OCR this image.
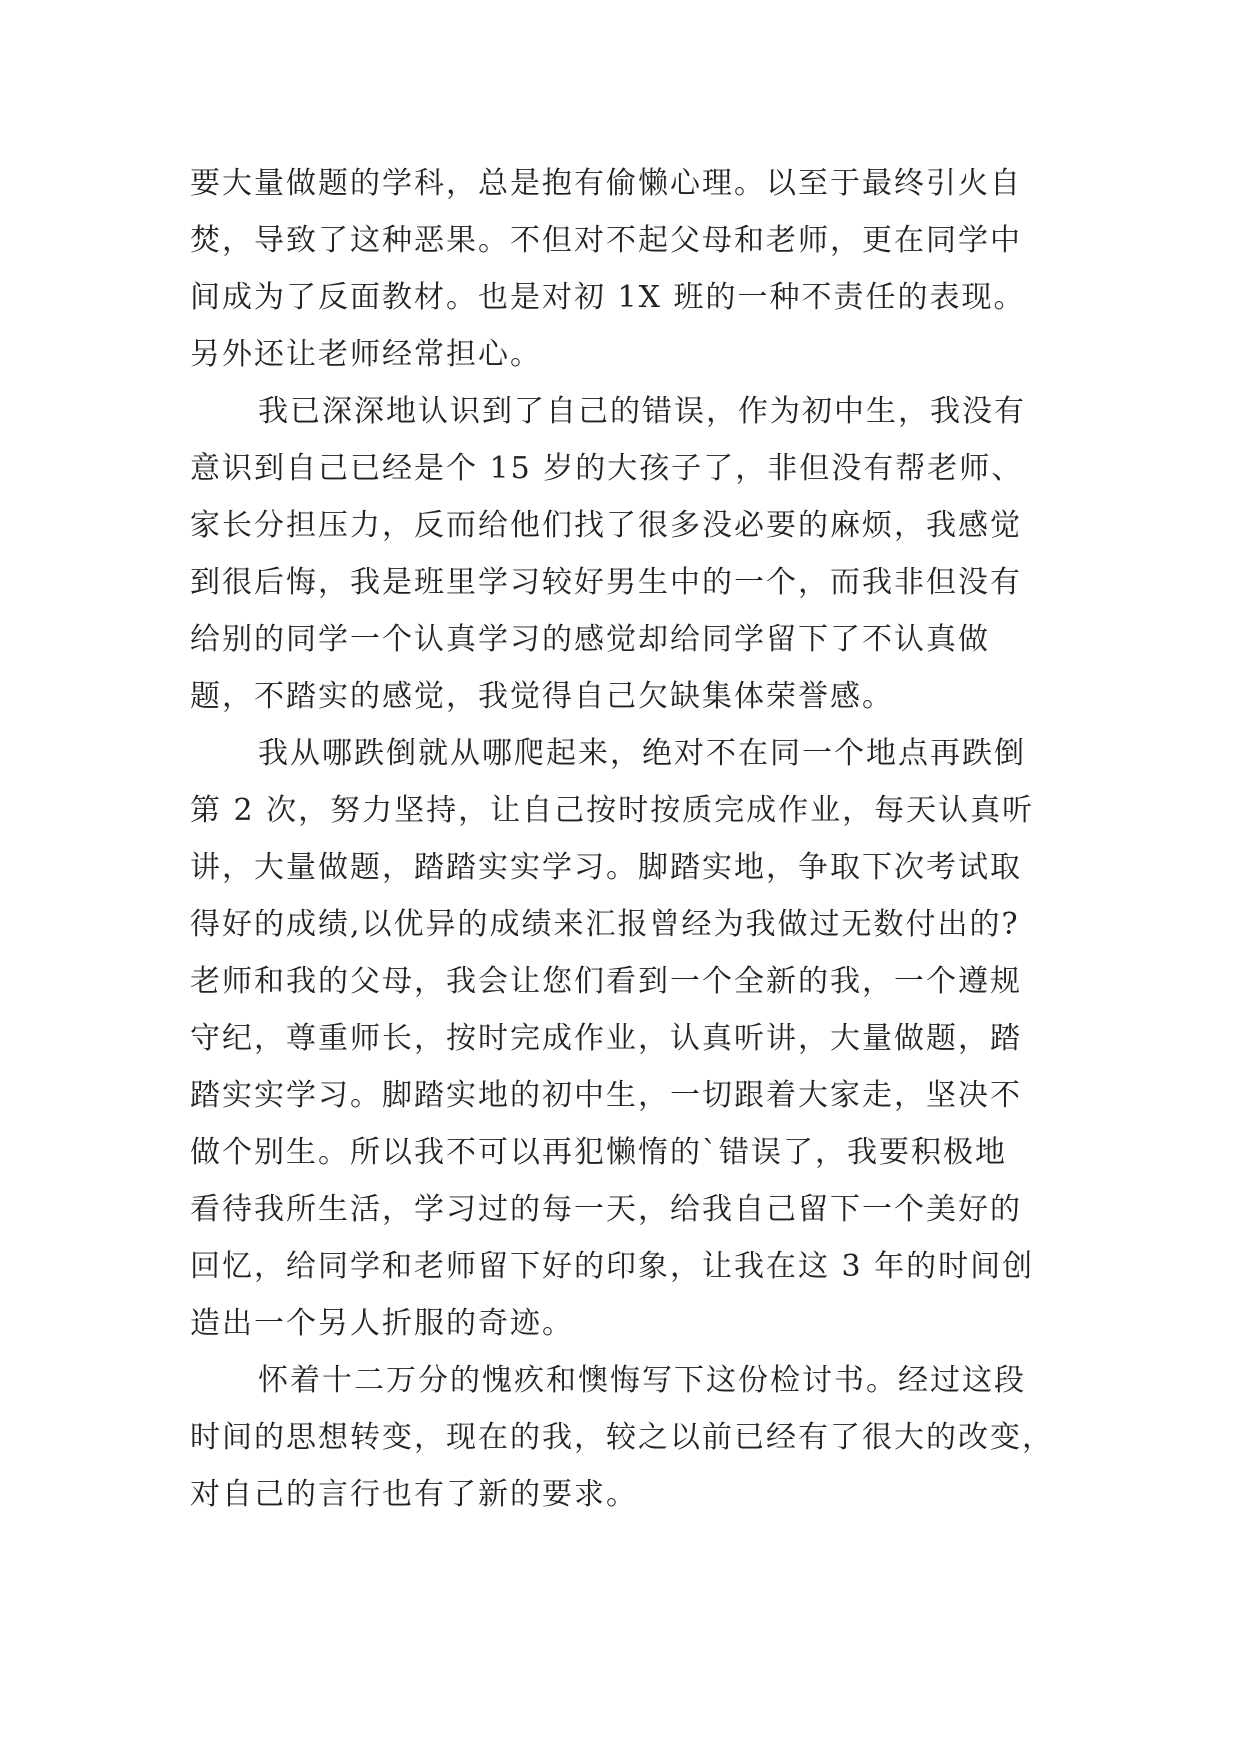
要大量做题的学科，总是抱有偷懒心理。以至于最终引火自
焚，导致了这种恶果。不但对不起父母和老师，更在同学中
间成为了反面教材。也是对初 1X 班的一种不责任的表现。
另外还让老师经常担心。

我已深深地认识到了自己的错误，作为初中生，我没有
意识到自己已经是个 15 岁的大孩子了，非但没有帮老师、
家长分担压力，反而给他们找了很多没必要的麻烦，我感觉
到很后悔，我是班里学习较好男生中的一个，而我非但没有
给别的同学一个认真学习的感觉却给同学留下了不认真做
题，不踏实的感觉，我觉得自己欠缺集体荣誉感。

我从哪跌倒就从哪爬起来，绝对不在同一个地点再跌倒
第 2 次，努力坚持，让自己按时按质完成作业，每天认真听
讲，大量做题，踏踏实实学习。脚踏实地，争取下次考试取
得好的成绩,以优异的成绩来汇报曾经为我做过无数付出的?
老师和我的父母，我会让您们看到一个全新的我，一个遵规
守纪，尊重师长，按时完成作业，认真听讲，大量做题，踏
踏实实学习。脚踏实地的初中生，一切跟着大家走，坚决不
做个别生。所以我不可以再犯懒惰的`错误了，我要积极地
看待我所生活，学习过的每一天，给我自己留下一个美好的
回忆，给同学和老师留下好的印象，让我在这 3 年的时间创
造出一个另人折服的奇迹。

怀着十二万分的愧疚和懊悔写下这份检讨书。经过这段
时间的思想转变，现在的我，较之以前已经有了很大的改变，
对自己的言行也有了新的要求。
